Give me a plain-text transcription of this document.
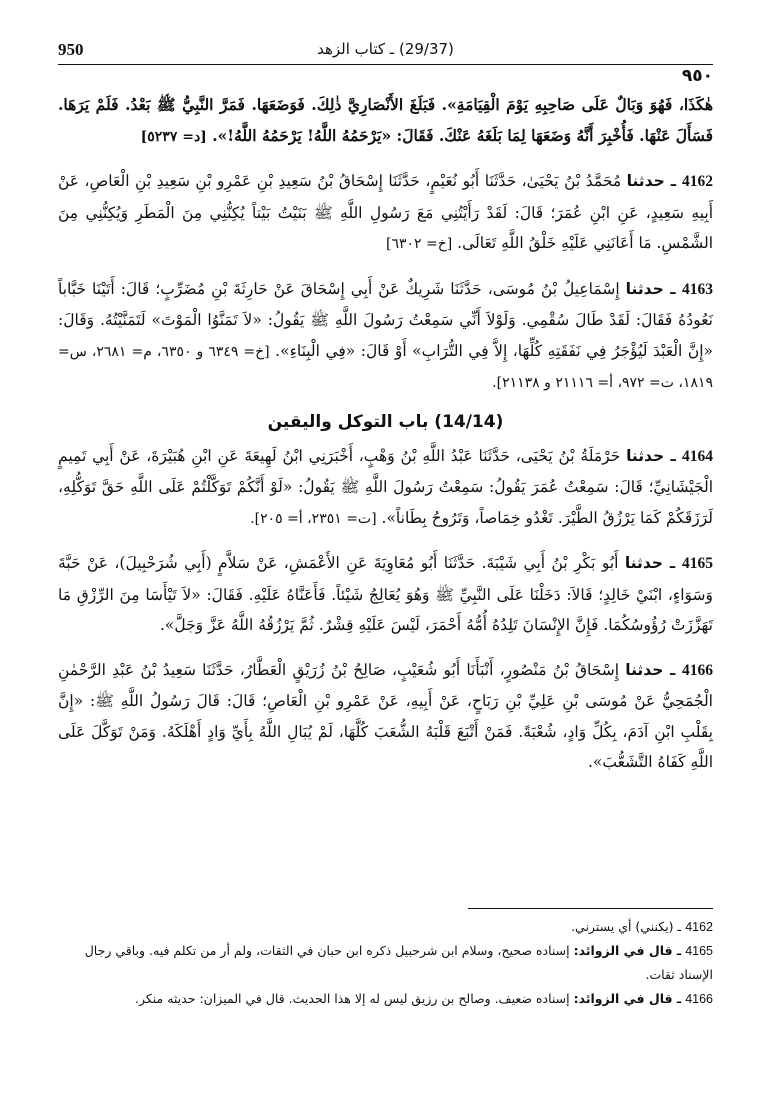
950	(29/37) ـ كتاب الزهد
٩٥٠

هٰكَذَا، فَهُوَ وَبَالٌ عَلَى صَاحِبِهِ يَوْمَ الْقِيَامَةِ». فَبَلَغَ الأَنْصَارِيَّ ذٰلِكَ. فَوَضَعَهَا. فَمَرَّ النَّبِيُّ ﷺ بَعْدُ. فَلَمْ يَرَهَا. فَسَأَلَ عَنْهَا. فَأُخْبِرَ أَنَّهُ وَضَعَهَا لِمَا بَلَغَهُ عَنْكَ. فَقَالَ: «يَرْحَمُهُ اللَّهُ! يَرْحَمُهُ اللَّهُ!». [د= ٥٢٣٧]

4162 ـ حدثنا مُحَمَّدُ بْنُ يَحْيَىٰ، حَدَّثَنَا أَبُو نُعَيْمٍ، حَدَّثَنَا إِسْحَاقُ بْنُ سَعِيدِ بْنِ عَمْرِو بْنِ سَعِيدِ بْنِ الْعَاصِ، عَنْ أَبِيهِ سَعِيدٍ، عَنِ ابْنِ عُمَرَ؛ قَالَ: لَقَدْ رَأَيْتُنِي مَعَ رَسُولِ اللَّهِ ﷺ بَنَيْتُ بَيْتاً يُكِنُّنِي مِنَ الْمَطَرِ وَيُكِنُّنِي مِنَ الشَّمْسِ. مَا أَعَانَنِي عَلَيْهِ خَلْقُ اللَّهِ تَعَالَى. [خ= ٦٣٠٢]

4163 ـ حدثنا إِسْمَاعِيلُ بْنُ مُوسَى، حَدَّثَنَا شَرِيكٌ عَنْ أَبِي إِسْحَاقَ عَنْ حَارِثَةَ بْنِ مُضَرِّبٍ؛ قَالَ: أَتَيْنَا خَبَّاباً نَعُودُهُ فَقَالَ: لَقَدْ طَالَ سُقْمِي. وَلَوْلاَ أَنِّي سَمِعْتُ رَسُولَ اللَّهِ ﷺ يَقُولُ: «لاَ تَمَنَّوُا الْمَوْتَ» لَتَمَنَّيْتُهُ. وَقَالَ: «إِنَّ الْعَبْدَ لَيُؤْجَرُ فِي نَفَقَتِهِ كُلِّهَا، إِلاَّ فِي التُّرَابِ» أَوْ قَالَ: «فِي الْبِنَاءِ». [خ= ٦٣٤٩ و ٦٣٥٠، م= ٢٦٨١، س= ١٨١٩، ت= ٩٧٢، أ= ٢١١١٦ و ٢١١٣٨].

(14/14) باب التوكل واليقين

4164 ـ حدثنا حَرْمَلَةُ بْنُ يَحْيَى، حَدَّثَنَا عَبْدُ اللَّهِ بْنُ وَهْبٍ، أَخْبَرَنِي ابْنُ لَهِيعَةَ عَنِ ابْنِ هُبَيْرَةَ، عَنْ أَبِي تَمِيمٍ الْجَيْشَانِيِّ؛ قَالَ: سَمِعْتُ عُمَرَ يَقُولُ: سَمِعْتُ رَسُولَ اللَّهِ ﷺ يَقُولُ: «لَوْ أَنَّكُمْ تَوَكَّلْتُمْ عَلَى اللَّهِ حَقَّ تَوَكُّلِهِ، لَرَزَقَكُمْ كَمَا يَرْزُقُ الطَّيْرَ. تَغْدُو خِمَاصاً، وَتَرُوحُ بِطَاناً». [ت= ٢٣٥١، أ= ٢٠٥].

4165 ـ حدثنا أَبُو بَكْرِ بْنُ أَبِي شَيْبَةَ. حَدَّثَنَا أَبُو مُعَاوِيَةَ عَنِ الأَعْمَشِ، عَنْ سَلاَّمٍ (أَبِي شُرَحْبِيلَ)، عَنْ حَبَّةَ وَسَوَاءٍ، ابْنَيْ خَالِدٍ؛ قَالاَ: دَخَلْنَا عَلَى النَّبِيِّ ﷺ وَهُوَ يُعَالِجُ شَيْئاً. فَأَعَنَّاهُ عَلَيْهِ. فَقَالَ: «لاَ تَيْأَسَا مِنَ الرِّزْقِ مَا تَهَزَّزَتْ رُؤُوسُكُمَا. فَإِنَّ الإِنْسَانَ تَلِدُهُ أُمُّهُ أَحْمَرَ، لَيْسَ عَلَيْهِ قِشْرٌ. ثُمَّ يَرْزُقُهُ اللَّهُ عَزَّ وَجَلَّ».

4166 ـ حدثنا إِسْحَاقُ بْنُ مَنْصُورٍ، أَنْبَأَنَا أَبُو شُعَيْبٍ، صَالِحُ بْنُ زُرَيْقٍ الْعَطَّارُ، حَدَّثَنَا سَعِيدُ بْنُ عَبْدِ الرَّحْمٰنِ الْجُمَحِيُّ عَنْ مُوسَى بْنِ عَلِيِّ بْنِ رَبَاحٍ، عَنْ أَبِيهِ، عَنْ عَمْرِو بْنِ الْعَاصِ؛ قَالَ: قَالَ رَسُولُ اللَّهِ ﷺ: «إِنَّ بِقَلْبِ ابْنِ آدَمَ، بِكُلِّ وَادٍ، شُعْبَةً. فَمَنْ أَتْبَعَ قَلْبَهُ الشُّعَبَ كُلَّهَا، لَمْ يُبَالِ اللَّهُ بِأَيِّ وَادٍ أَهْلَكَهُ. وَمَنْ تَوَكَّلَ عَلَى اللَّهِ كَفَاهُ التَّشَعُّبَ».

4162 ـ (يكنني) أي يسترني.

4165 ـ قال في الزوائد: إسناده صحيح، وسلام ابن شرحبيل ذكره ابن حبان في الثقات، ولم أر من تكلم فيه. وباقي رجال الإسناد ثقات.

4166 ـ قال في الزوائد: إسناده ضعيف. وصالح بن رزيق ليس له إلا هذا الحديث. قال في الميزان: حديثه منكر.
